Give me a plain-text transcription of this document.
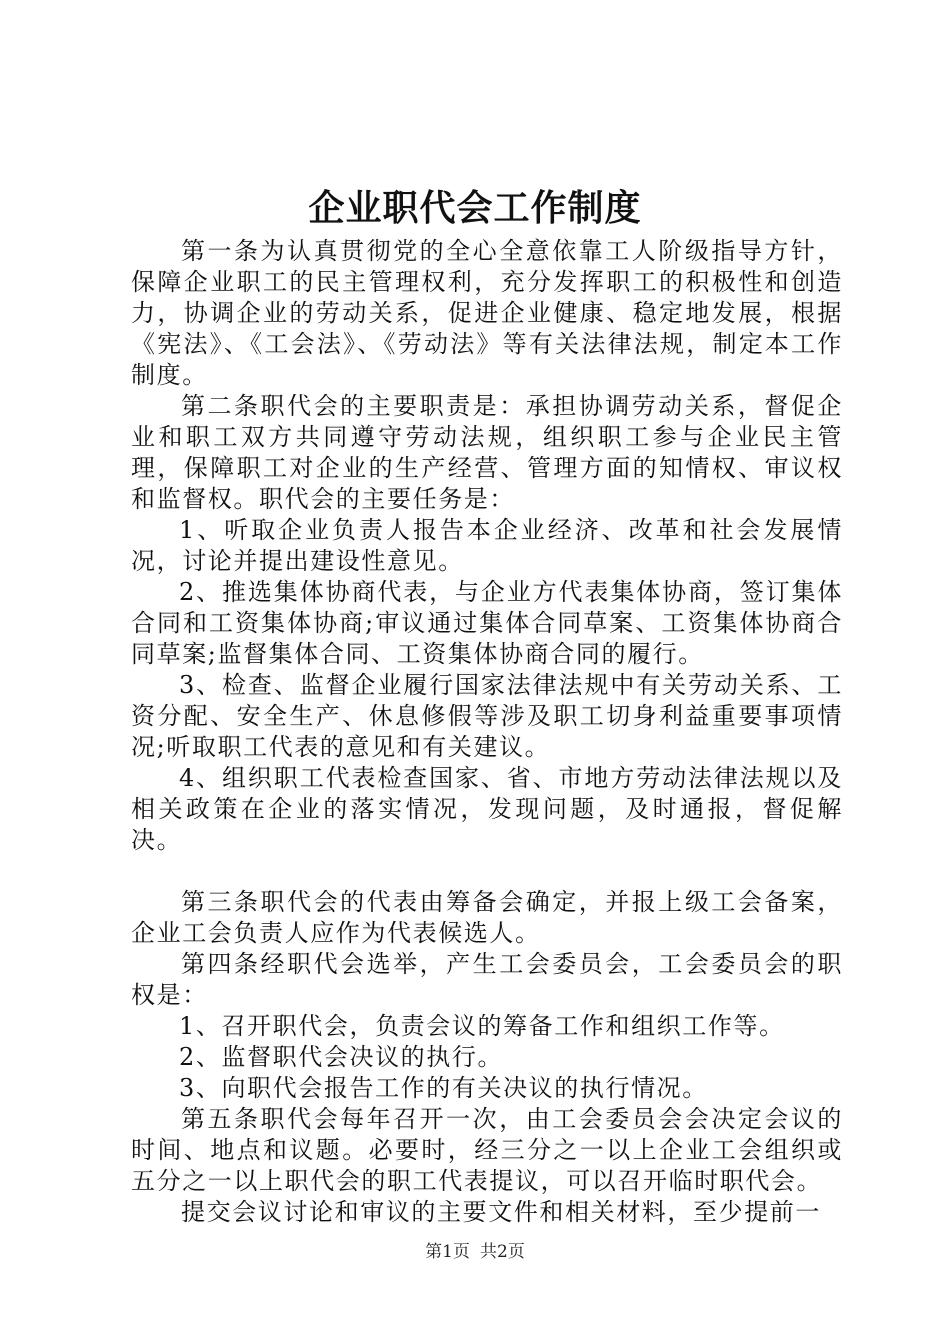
企业职代会工作制度

第一条为认真贯彻党的全心全意依靠工人阶级指导方针，保障企业职工的民主管理权利，充分发挥职工的积极性和创造力，协调企业的劳动关系，促进企业健康、稳定地发展，根据《宪法》、《工会法》、《劳动法》等有关法律法规，制定本工作制度。

第二条职代会的主要职责是：承担协调劳动关系，督促企业和职工双方共同遵守劳动法规，组织职工参与企业民主管理，保障职工对企业的生产经营、管理方面的知情权、审议权和监督权。职代会的主要任务是：

1、听取企业负责人报告本企业经济、改革和社会发展情况，讨论并提出建设性意见。

2、推选集体协商代表，与企业方代表集体协商，签订集体合同和工资集体协商;审议通过集体合同草案、工资集体协商合同草案;监督集体合同、工资集体协商合同的履行。

3、检查、监督企业履行国家法律法规中有关劳动关系、工资分配、安全生产、休息修假等涉及职工切身利益重要事项情况;听取职工代表的意见和有关建议。

4、组织职工代表检查国家、省、市地方劳动法律法规以及相关政策在企业的落实情况，发现问题，及时通报，督促解决。

第三条职代会的代表由筹备会确定，并报上级工会备案，企业工会负责人应作为代表候选人。

第四条经职代会选举，产生工会委员会，工会委员会的职权是：

1、召开职代会，负责会议的筹备工作和组织工作等。

2、监督职代会决议的执行。

3、向职代会报告工作的有关决议的执行情况。

第五条职代会每年召开一次，由工会委员会会决定会议的时间、地点和议题。必要时，经三分之一以上企业工会组织或五分之一以上职代会的职工代表提议，可以召开临时职代会。

提交会议讨论和审议的主要文件和相关材料，至少提前一

第1页 共2页
